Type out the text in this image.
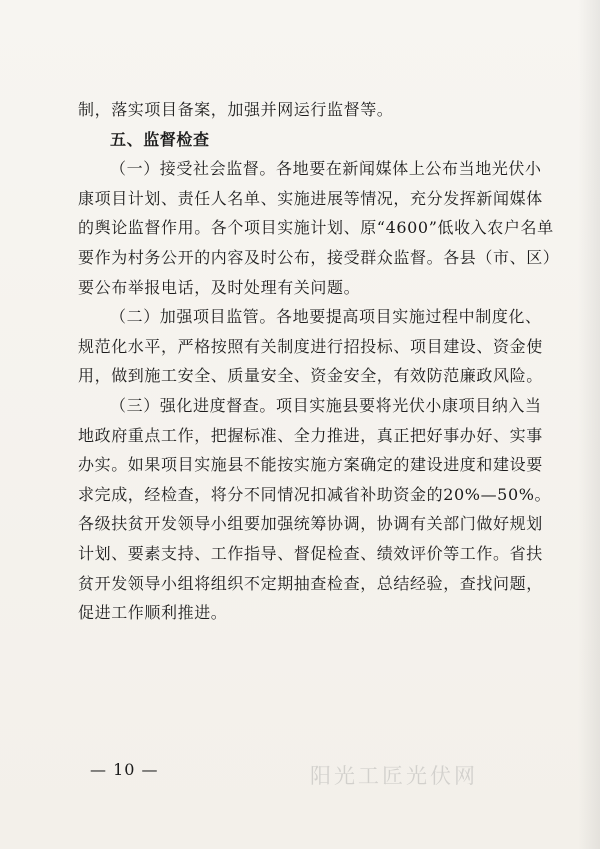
制，落实项目备案，加强并网运行监督等。
五、监督检查
（一）接受社会监督。各地要在新闻媒体上公布当地光伏小
康项目计划、责任人名单、实施进展等情况，充分发挥新闻媒体
的舆论监督作用。各个项目实施计划、原“4600”低收入农户名单
要作为村务公开的内容及时公布，接受群众监督。各县（市、区）
要公布举报电话，及时处理有关问题。
（二）加强项目监管。各地要提高项目实施过程中制度化、
规范化水平，严格按照有关制度进行招投标、项目建设、资金使
用，做到施工安全、质量安全、资金安全，有效防范廉政风险。
（三）强化进度督查。项目实施县要将光伏小康项目纳入当
地政府重点工作，把握标准、全力推进，真正把好事办好、实事
办实。如果项目实施县不能按实施方案确定的建设进度和建设要
求完成，经检查，将分不同情况扣减省补助资金的20%—50%。
各级扶贫开发领导小组要加强统筹协调，协调有关部门做好规划
计划、要素支持、工作指导、督促检查、绩效评价等工作。省扶
贫开发领导小组将组织不定期抽查检查，总结经验，查找问题，
促进工作顺利推进。
— 10 —	阳光工匠光伏网
